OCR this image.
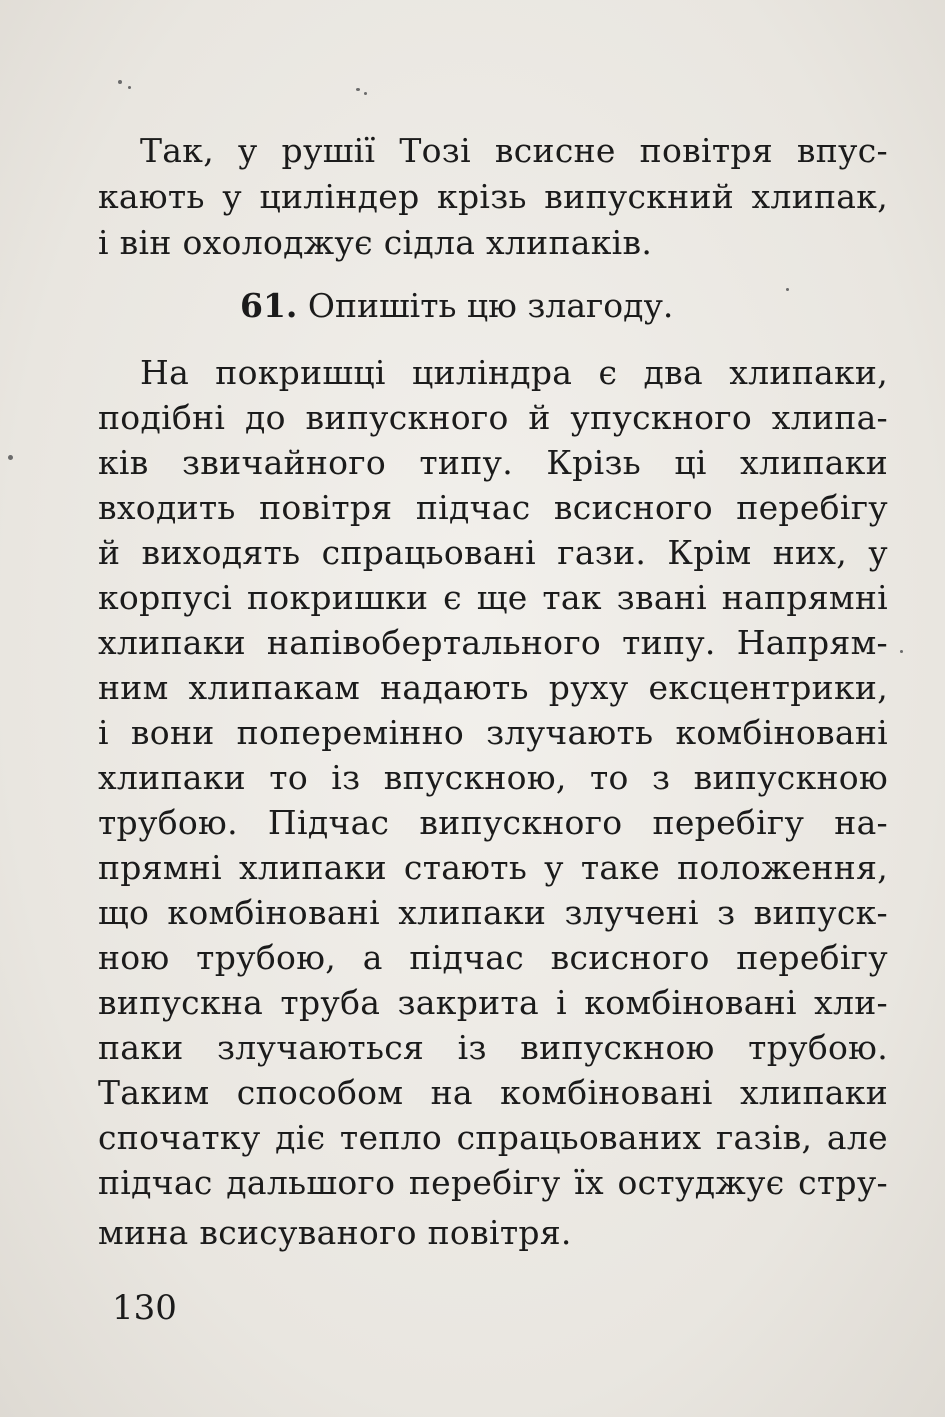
Так, у рушії Тозі всисне повітря впус-
кають у циліндер крізь випускний хлипак,
і він охолоджує сідла хлипаків.
61. Опишіть цю злагоду.
На покришці циліндра є два хлипаки,
подібні до випускного й упускного хлипа-
ків звичайного типу. Крізь ці хлипаки
входить повітря підчас всисного перебігу
й виходять спрацьовані гази. Крім них, у
корпусі покришки є ще так звані напрямні
хлипаки напівобертального типу. Напрям-
ним хлипакам надають руху ексцентрики,
і вони поперемінно злучають комбіновані
хлипаки то із впускною, то з випускною
трубою. Підчас випускного перебігу на-
прямні хлипаки стають у таке положення,
що комбіновані хлипаки злучені з випуск-
ною трубою, а підчас всисного перебігу
випускна труба закрита і комбіновані хли-
паки злучаються із випускною трубою.
Таким способом на комбіновані хлипаки
спочатку діє тепло спрацьованих газів, але
підчас дальшого перебігу їх остуджує стру-
мина всисуваного повітря.
130
